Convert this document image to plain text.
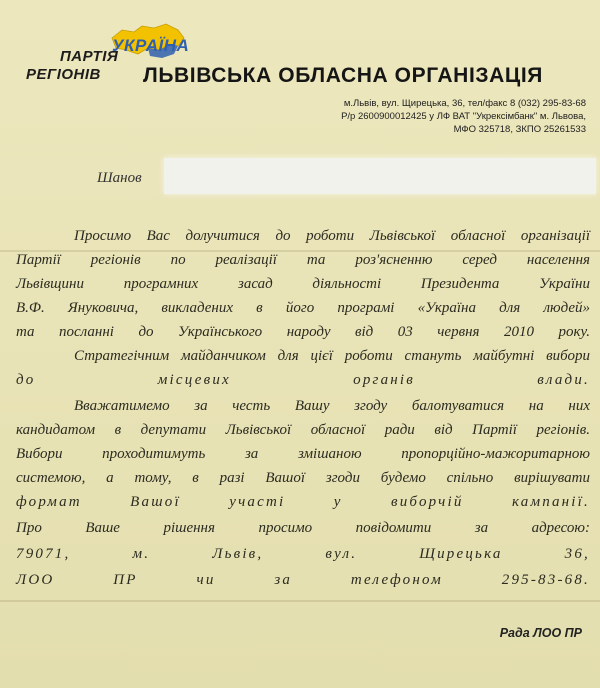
УКРАЇНА
ПАРТІЯ
РЕГІОНІВ ЛЬВІВСЬКА ОБЛАСНА ОРГАНІЗАЦІЯ
м.Львів, вул. Щирецька, 36, тел/факс 8 (032) 295-83-68
Р/р 2600900012425 у ЛФ ВАТ "Укрексімбанк" м. Львова,
МФО 325718, ЗКПО 25261533
Шанов
Просимо Вас долучитися до роботи Львівської обласної організації
Партії регіонів по реалізації та роз'ясненню серед населення
Львівщини програмних засад діяльності Президента України
В.Ф. Януковича, викладених в його програмі «Україна для людей»
та посланні до Українського народу від 03 червня 2010 року.
Стратегічним майданчиком для цієї роботи стануть майбутні вибори
до місцевих органів влади.
Вважатимемо за честь Вашу згоду балотуватися на них
кандидатом в депутати Львівської обласної ради від Партії регіонів.
Вибори проходитимуть за змішаною пропорційно-мажоритарною
системою, а тому, в разі Вашої згоди будемо спільно вирішувати
формат Вашої участі у виборчій кампанії.
Про Ваше рішення просимо повідомити за адресою:
79071, м. Львів, вул. Щирецька 36,
ЛОО ПР чи за телефоном 295-83-68.
Рада ЛОО ПР
